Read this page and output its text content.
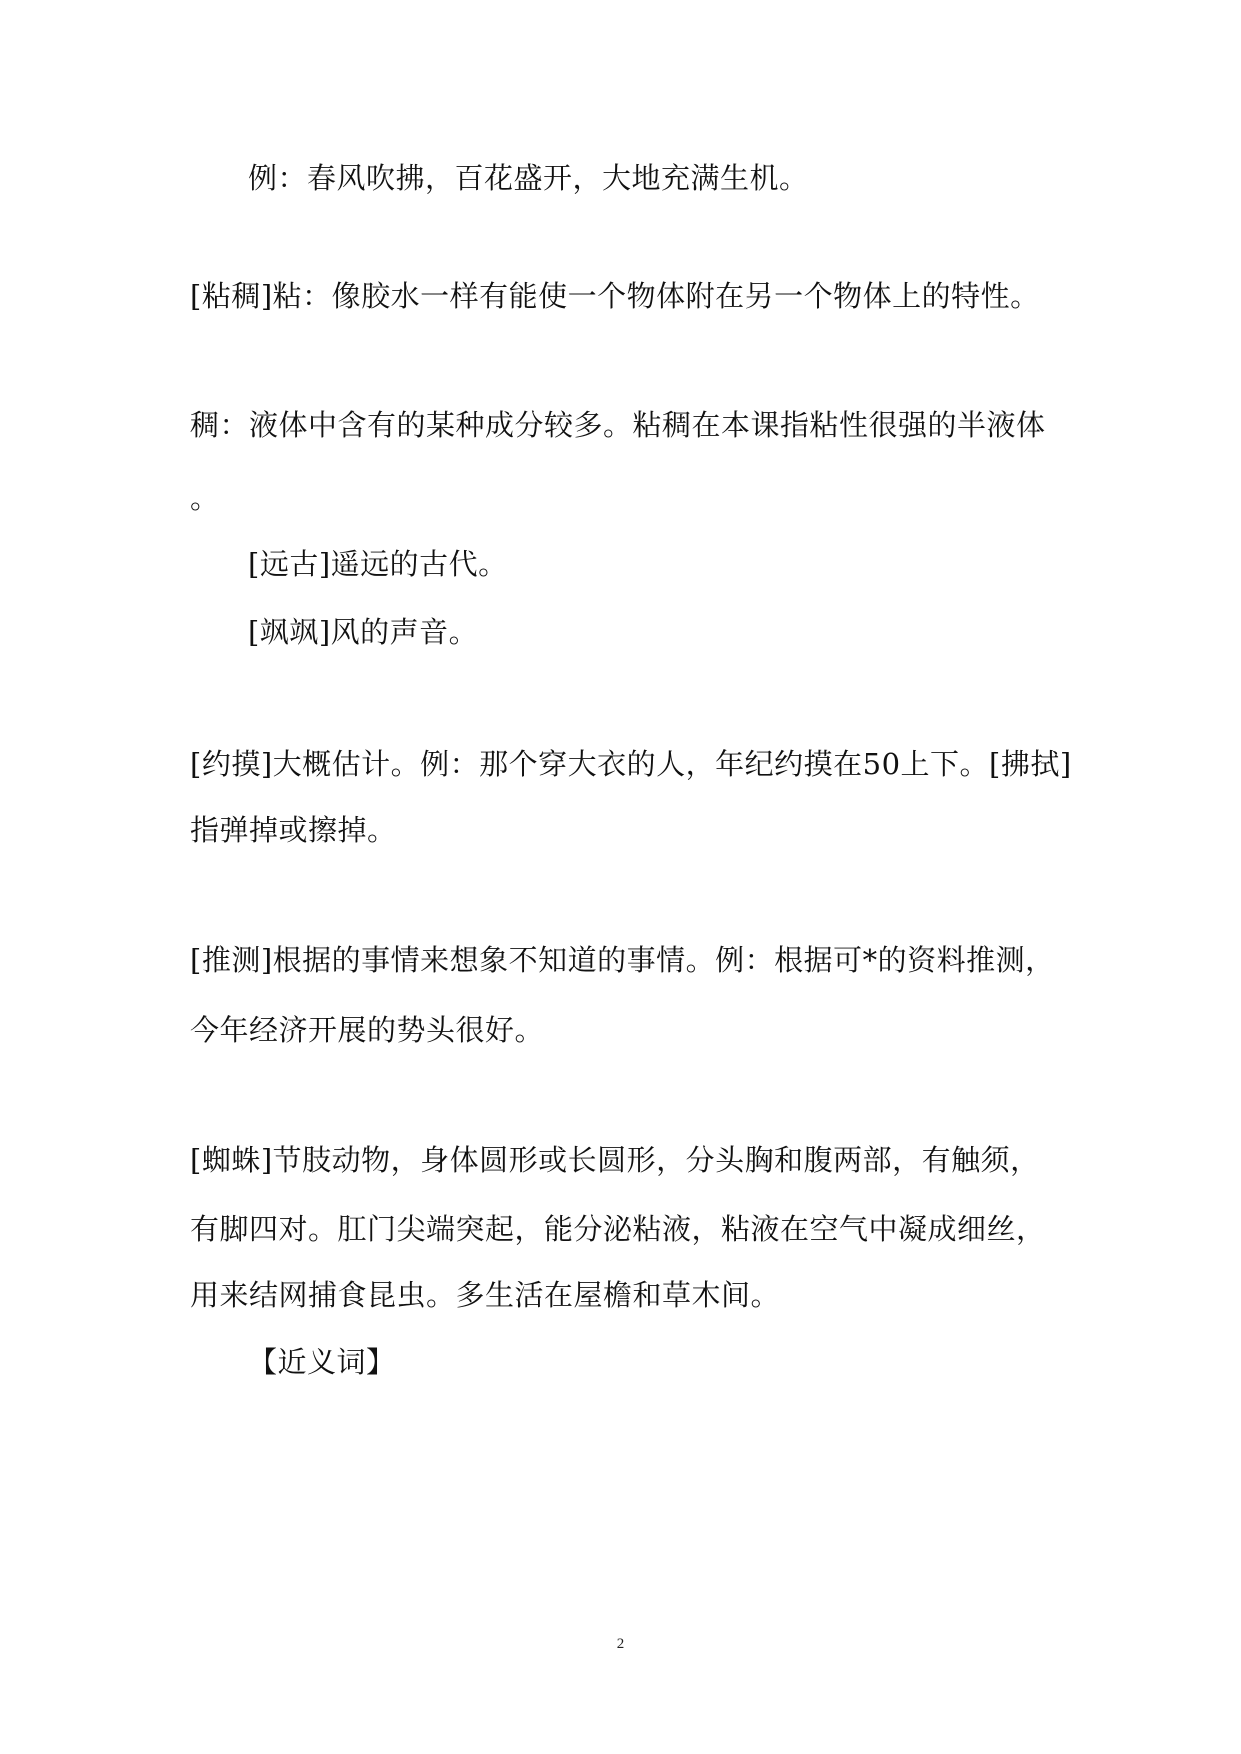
例：春风吹拂，百花盛开，大地充满生机。
[粘稠]粘：像胶水一样有能使一个物体附在另一个物体上的特性。
稠：液体中含有的某种成分较多。粘稠在本课指粘性很强的半液体
。
[远古]遥远的古代。
[飒飒]风的声音。
[约摸]大概估计。例：那个穿大衣的人，年纪约摸在50上下。[拂拭]
指弹掉或擦掉。
[推测]根据的事情来想象不知道的事情。例：根据可*的资料推测，
今年经济开展的势头很好。
[蜘蛛]节肢动物，身体圆形或长圆形，分头胸和腹两部，有触须，
有脚四对。肛门尖端突起，能分泌粘液，粘液在空气中凝成细丝，
用来结网捕食昆虫。多生活在屋檐和草木间。
【近义词】
2
